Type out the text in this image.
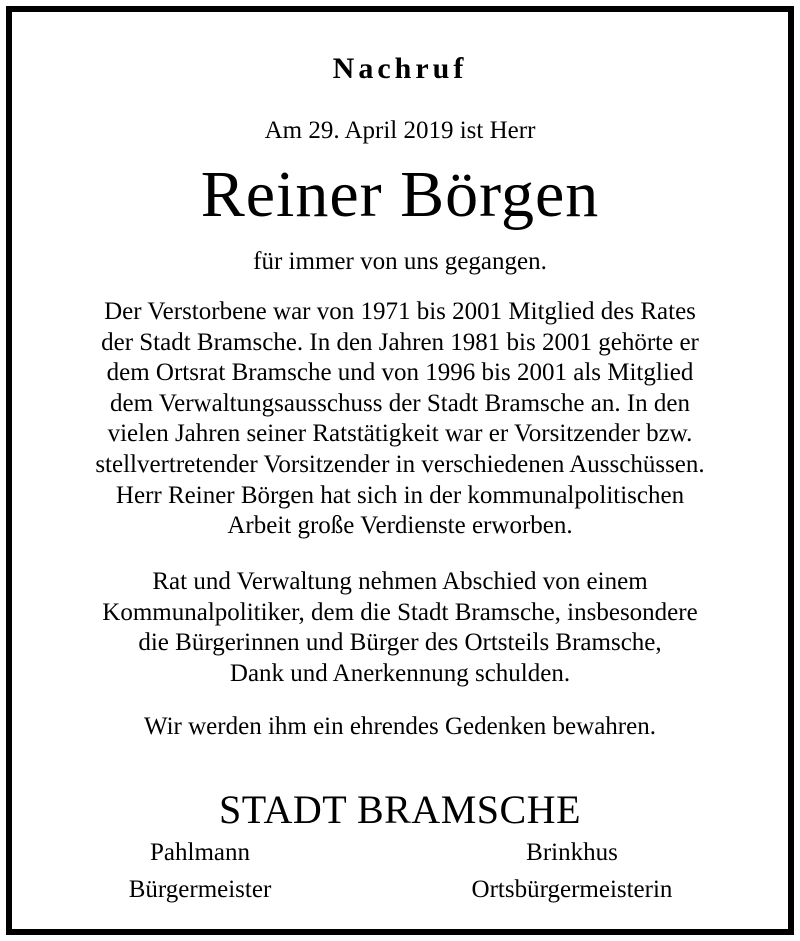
Nachruf
Am 29. April 2019 ist Herr
Reiner Börgen
für immer von uns gegangen.
Der Verstorbene war von 1971 bis 2001 Mitglied des Rates
der Stadt Bramsche. In den Jahren 1981 bis 2001 gehörte er
dem Ortsrat Bramsche und von 1996 bis 2001 als Mitglied
dem Verwaltungsausschuss der Stadt Bramsche an. In den
vielen Jahren seiner Ratstätigkeit war er Vorsitzender bzw.
stellvertretender Vorsitzender in verschiedenen Ausschüssen.
Herr Reiner Börgen hat sich in der kommunalpolitischen
Arbeit große Verdienste erworben.
Rat und Verwaltung nehmen Abschied von einem
Kommunalpolitiker, dem die Stadt Bramsche, insbesondere
die Bürgerinnen und Bürger des Ortsteils Bramsche,
Dank und Anerkennung schulden.
Wir werden ihm ein ehrendes Gedenken bewahren.
STADT BRAMSCHE
Pahlmann
Bürgermeister
Brinkhus
Ortsbürgermeisterin
